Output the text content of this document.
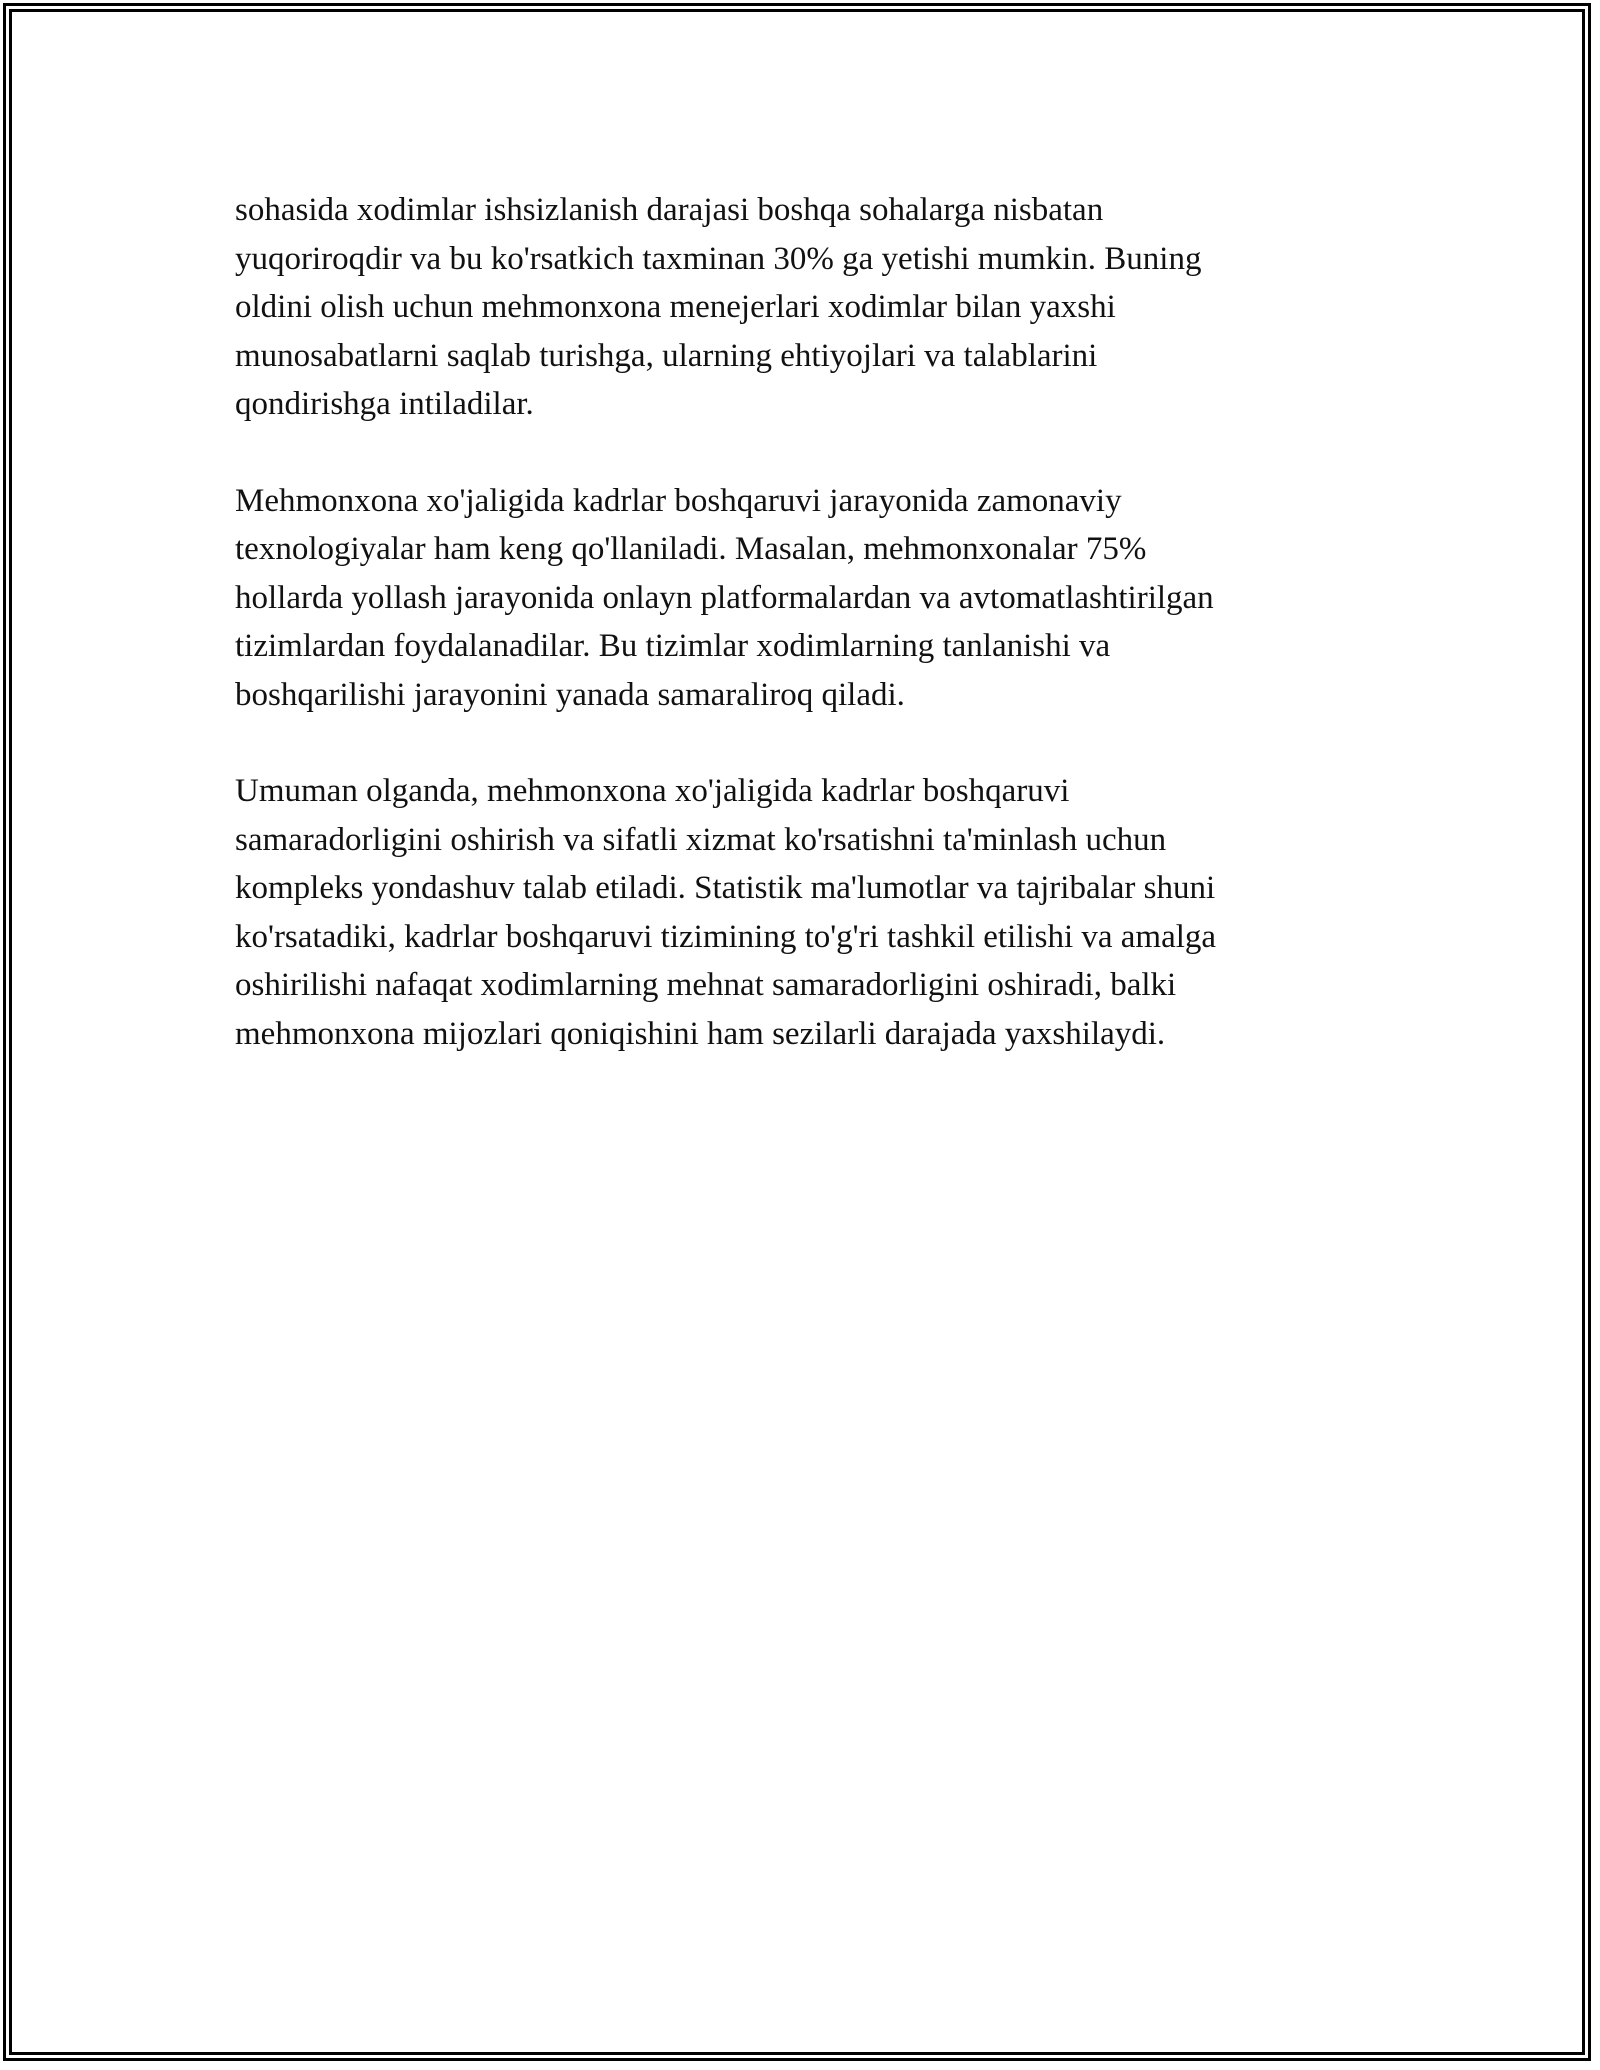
sohasida xodimlar ishsizlanish darajasi boshqa sohalarga nisbatan
yuqoriroqdir va bu ko'rsatkich taxminan 30% ga yetishi mumkin. Buning
oldini olish uchun mehmonxona menejerlari xodimlar bilan yaxshi
munosabatlarni saqlab turishga, ularning ehtiyojlari va talablarini
qondirishga intiladilar.

Mehmonxona xo'jaligida kadrlar boshqaruvi jarayonida zamonaviy
texnologiyalar ham keng qo'llaniladi. Masalan, mehmonxonalar 75%
hollarda yollash jarayonida onlayn platformalardan va avtomatlashtirilgan
tizimlardan foydalanadilar. Bu tizimlar xodimlarning tanlanishi va
boshqarilishi jarayonini yanada samaraliroq qiladi.

Umuman olganda, mehmonxona xo'jaligida kadrlar boshqaruvi
samaradorligini oshirish va sifatli xizmat ko'rsatishni ta'minlash uchun
kompleks yondashuv talab etiladi. Statistik ma'lumotlar va tajribalar shuni
ko'rsatadiki, kadrlar boshqaruvi tizimining to'g'ri tashkil etilishi va amalga
oshirilishi nafaqat xodimlarning mehnat samaradorligini oshiradi, balki
mehmonxona mijozlari qoniqishini ham sezilarli darajada yaxshilaydi.
